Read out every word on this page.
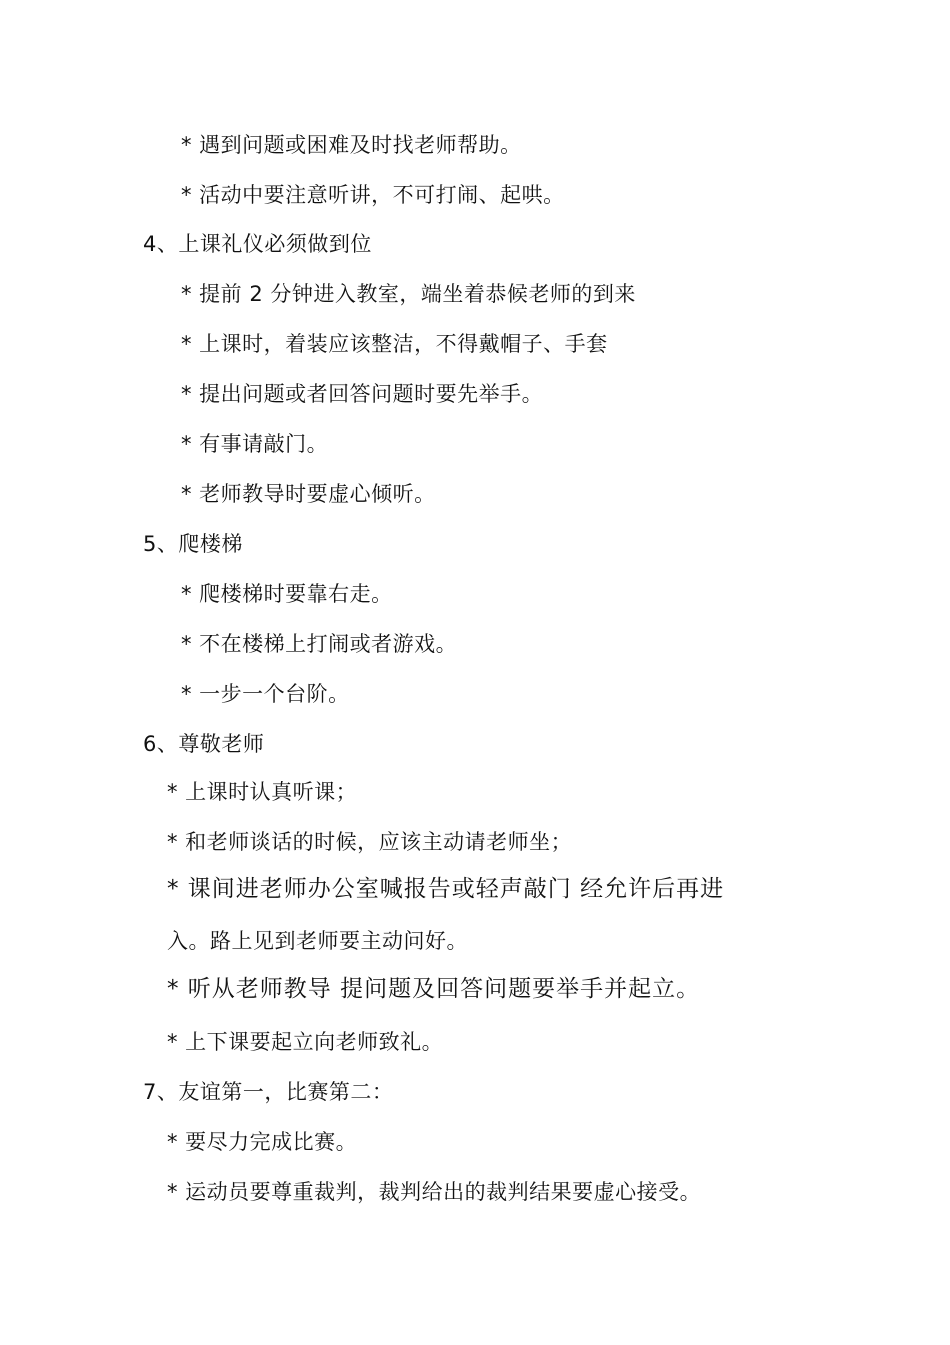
* 遇到问题或困难及时找老师帮助。
* 活动中要注意听讲，不可打闹、起哄。
4、上课礼仪必须做到位
* 提前 2 分钟进入教室，端坐着恭候老师的到来
* 上课时，着装应该整洁，不得戴帽子、手套
* 提出问题或者回答问题时要先举手。
* 有事请敲门。
* 老师教导时要虚心倾听。
5、爬楼梯
* 爬楼梯时要靠右走。
* 不在楼梯上打闹或者游戏。
* 一步一个台阶。
6、尊敬老师
* 上课时认真听课；
* 和老师谈话的时候，应该主动请老师坐；
* 课间进老师办公室喊报告或轻声敲门 经允许后再进
入。路上见到老师要主动问好。
* 听从老师教导 提问题及回答问题要举手并起立。
* 上下课要起立向老师致礼。
7、友谊第一，比赛第二：
* 要尽力完成比赛。
* 运动员要尊重裁判，裁判给出的裁判结果要虚心接受。
